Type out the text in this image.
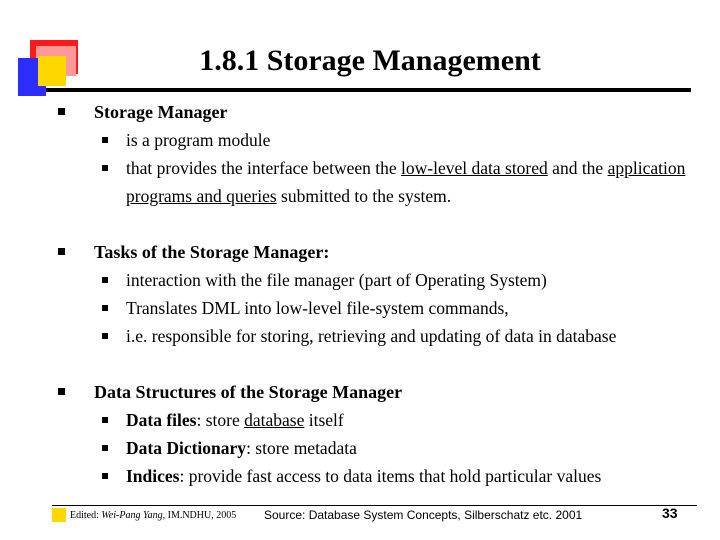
1.8.1 Storage Management
Storage Manager
is a program module
that provides the interface between the low-level data stored and the application programs and queries submitted to the system.
Tasks of the Storage Manager:
interaction with the file manager (part of Operating System)
Translates DML into low-level file-system commands,
i.e. responsible for storing, retrieving and updating of data in database
Data Structures of the Storage Manager
Data files: store database itself
Data Dictionary: store metadata
Indices: provide fast access to data items that hold particular values
Edited: Wei-Pang Yang, IM.NDHU, 2005 Source: Database System Concepts, Silberschatz etc. 2001	33
